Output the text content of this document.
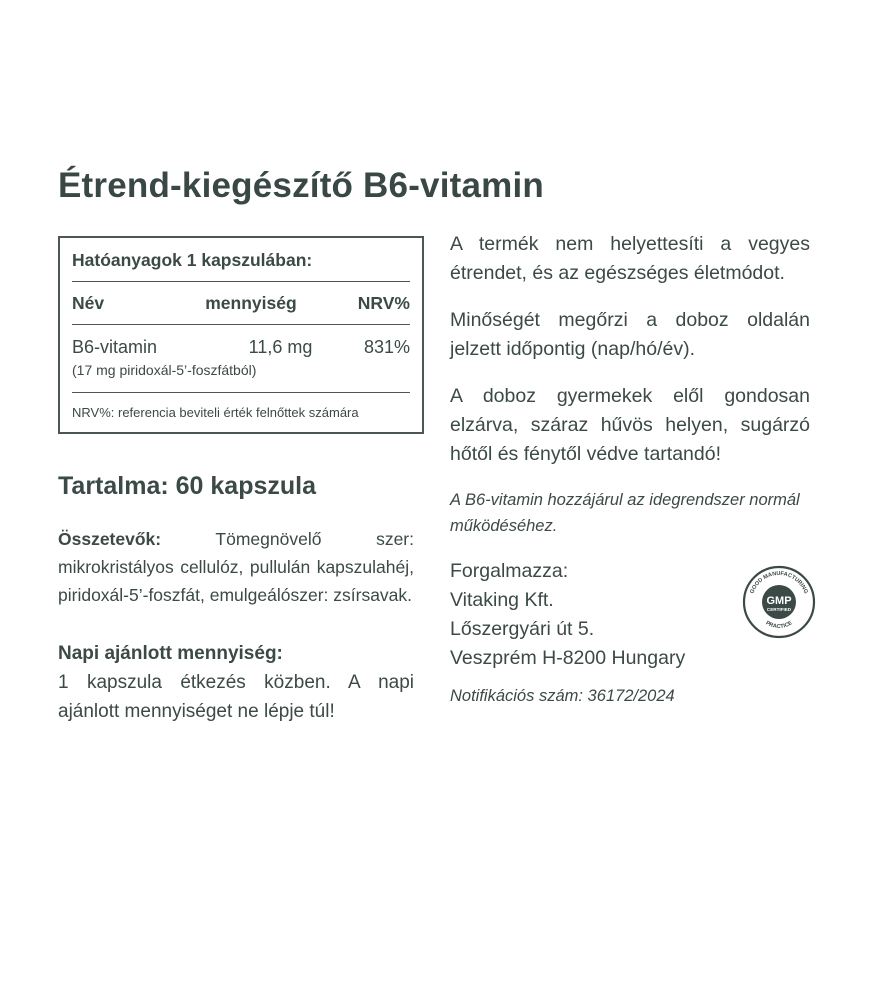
Étrend-kiegészítő B6-vitamin
Hatóanyagok 1 kapszulában:
Név	mennyiség	NRV%
B6-vitamin	11,6 mg	831%
(17 mg piridoxál-5’-foszfátból)
NRV%: referencia beviteli érték felnőttek számára
Tartalma: 60 kapszula
Összetevők: Tömegnövelő szer: mikrokristályos cellulóz, pullulán kapszulahéj, piridoxál-5’-foszfát, emulgeálószer: zsírsavak.
Napi ajánlott mennyiség:
1 kapszula étkezés közben. A napi ajánlott mennyiséget ne lépje túl!
A termék nem helyettesíti a vegyes étrendet, és az egészséges életmódot.
Minőségét megőrzi a doboz oldalán jelzett időpontig (nap/hó/év).
A doboz gyermekek elől gondosan elzárva, száraz hűvös helyen, sugárzó hőtől és fénytől védve tartandó!
A B6-vitamin hozzájárul az idegrendszer normál működéséhez.
Forgalmazza:
Vitaking Kft.
Lőszergyári út 5.
Veszprém H-8200 Hungary
GOOD MANUFACTURING
PRACTICE
GMP
CERTIFIED
Notifikációs szám: 36172/2024
